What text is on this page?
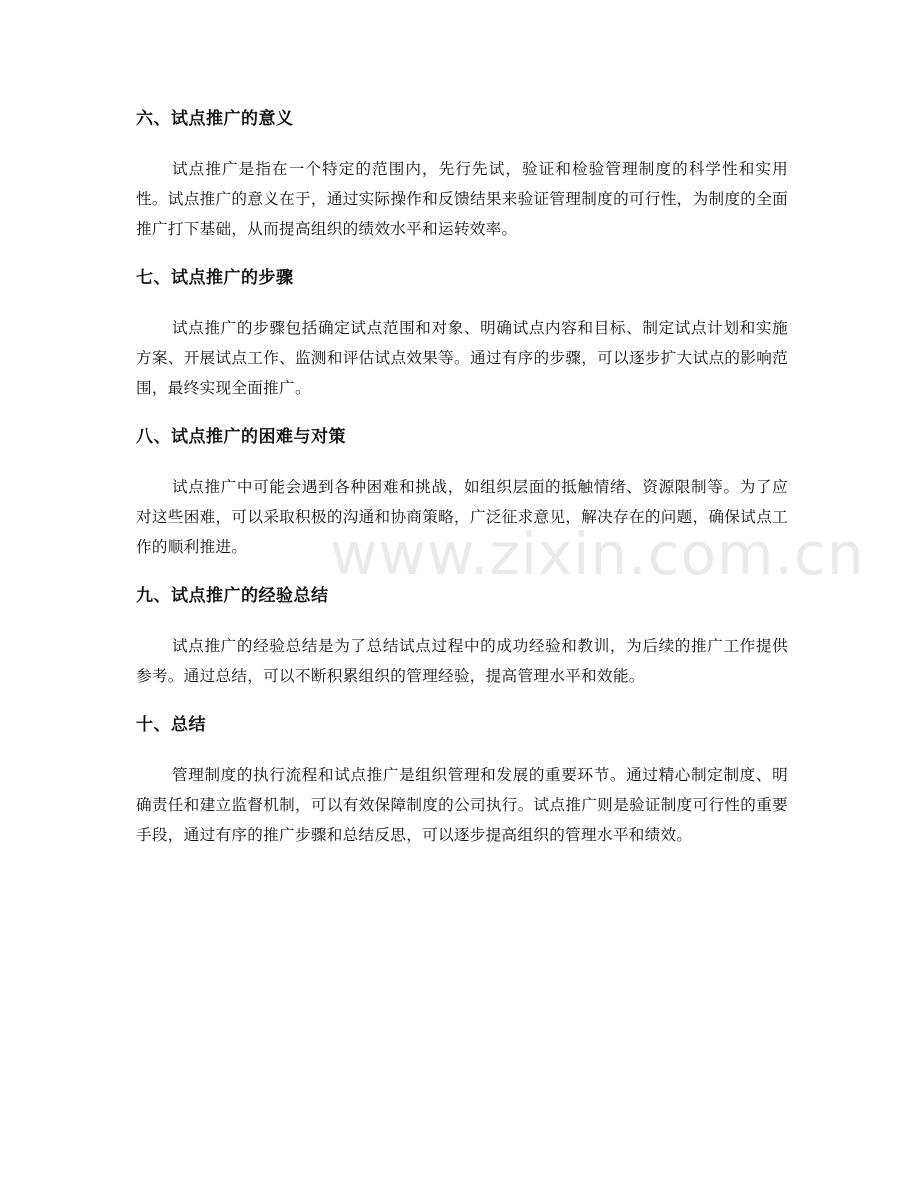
六、试点推广的意义

试点推广是指在一个特定的范围内，先行先试，验证和检验管理制度的科学性和实用性。试点推广的意义在于，通过实际操作和反馈结果来验证管理制度的可行性，为制度的全面推广打下基础，从而提高组织的绩效水平和运转效率。

七、试点推广的步骤

试点推广的步骤包括确定试点范围和对象、明确试点内容和目标、制定试点计划和实施方案、开展试点工作、监测和评估试点效果等。通过有序的步骤，可以逐步扩大试点的影响范围，最终实现全面推广。

八、试点推广的困难与对策

试点推广中可能会遇到各种困难和挑战，如组织层面的抵触情绪、资源限制等。为了应对这些困难，可以采取积极的沟通和协商策略，广泛征求意见，解决存在的问题，确保试点工作的顺利推进。

九、试点推广的经验总结

试点推广的经验总结是为了总结试点过程中的成功经验和教训，为后续的推广工作提供参考。通过总结，可以不断积累组织的管理经验，提高管理水平和效能。

十、总结

管理制度的执行流程和试点推广是组织管理和发展的重要环节。通过精心制定制度、明确责任和建立监督机制，可以有效保障制度的公司执行。试点推广则是验证制度可行性的重要手段，通过有序的推广步骤和总结反思，可以逐步提高组织的管理水平和绩效。

www.zixin.com.cn
